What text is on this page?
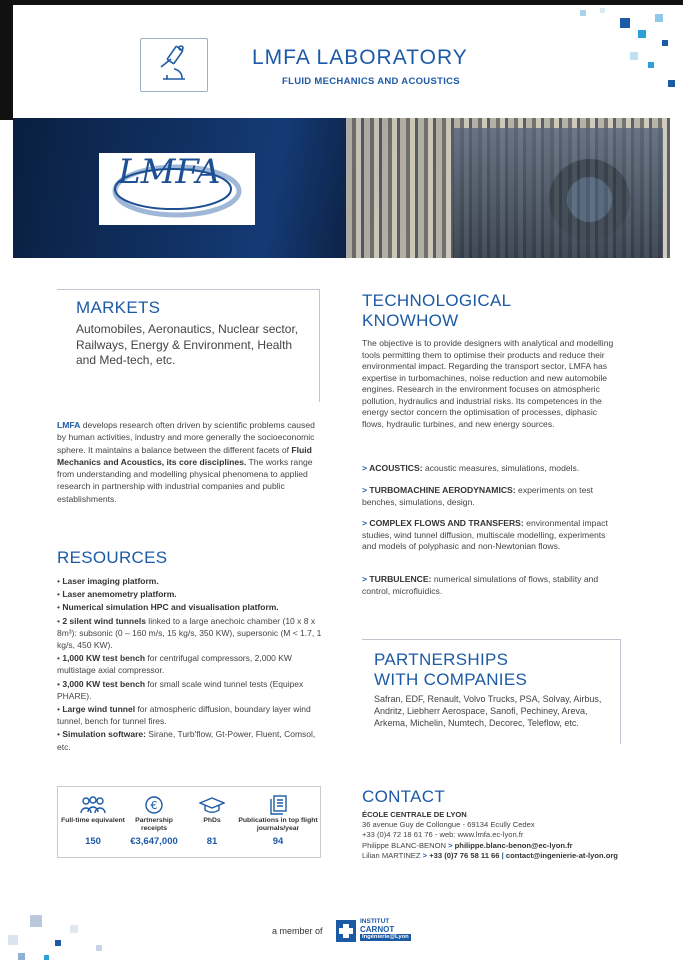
LMFA LABORATORY
FLUID MECHANICS AND ACOUSTICS
LMFA
MARKETS
Automobiles, Aeronautics, Nuclear sector, Railways, Energy & Environment, Health and Med-tech, etc.
LMFA develops research often driven by scientific problems caused by human activities, industry and more generally the socioeconomic sphere. It maintains a balance between the different facets of Fluid Mechanics and Acoustics, its core disciplines. The works range from understanding and modelling physical phenomena to applied research in partnership with industrial companies and public establishments.
RESOURCES
• Laser imaging platform.
• Laser anemometry platform.
• Numerical simulation HPC and visualisation platform.
• 2 silent wind tunnels linked to a large anechoic chamber (10 x 8 x 8m³): subsonic (0 – 160 m/s, 15 kg/s, 350 KW), supersonic (M < 1.7, 1 kg/s, 450 KW).
• 1,000 KW test bench for centrifugal compressors, 2,000 KW multistage axial compressor.
• 3,000 KW test bench for small scale wind tunnel tests (Equipex PHARE).
• Large wind tunnel for atmospheric diffusion, boundary layer wind tunnel, bench for tunnel fires.
• Simulation software: Sirane, Turb'flow, Gt-Power, Fluent, Comsol, etc.
Full-time equivalent
150
€
Partnership receipts
€3,647,000
PhDs
81
Publications in top flight journals/year
94
TECHNOLOGICAL
KNOWHOW
The objective is to provide designers with analytical and modelling tools permitting them to optimise their products and reduce their environmental impact. Regarding the transport sector, LMFA has expertise in turbomachines, noise reduction and new automobile engines. Research in the environment focuses on atmospheric pollution, hydraulics and industrial risks. Its competences in the energy sector concern the optimisation of processes, diphasic flows, hydraulic turbines, and new energy sources.
> ACOUSTICS: acoustic measures, simulations, models.
> TURBOMACHINE AERODYNAMICS: experiments on test benches, simulations, design.
> COMPLEX FLOWS AND TRANSFERS: environmental impact studies, wind tunnel diffusion, multiscale modelling, experiments and models of polyphasic and non-Newtonian flows.
> TURBULENCE: numerical simulations of flows, stability and control, microfluidics.
PARTNERSHIPS
WITH COMPANIES
Safran, EDF, Renault, Volvo Trucks, PSA, Solvay, Airbus, Andritz, Liebherr Aerospace, Sanofi, Pechiney, Areva, Arkema, Michelin, Numtech, Decorec, Teleflow, etc.
CONTACT
ÉCOLE CENTRALE DE LYON
36 avenue Guy de Collongue - 69134 Ecully Cedex
+33 (0)4 72 18 61 76 - web: www.lmfa.ec-lyon.fr
Philippe BLANC-BENON > philippe.blanc-benon@ec-lyon.fr
Lilian MARTINEZ > +33 (0)7 76 58 11 66 | contact@ingenierie-at-lyon.org
a member of
INSTITUT
CARNOT
Ingénierie@Lyon
